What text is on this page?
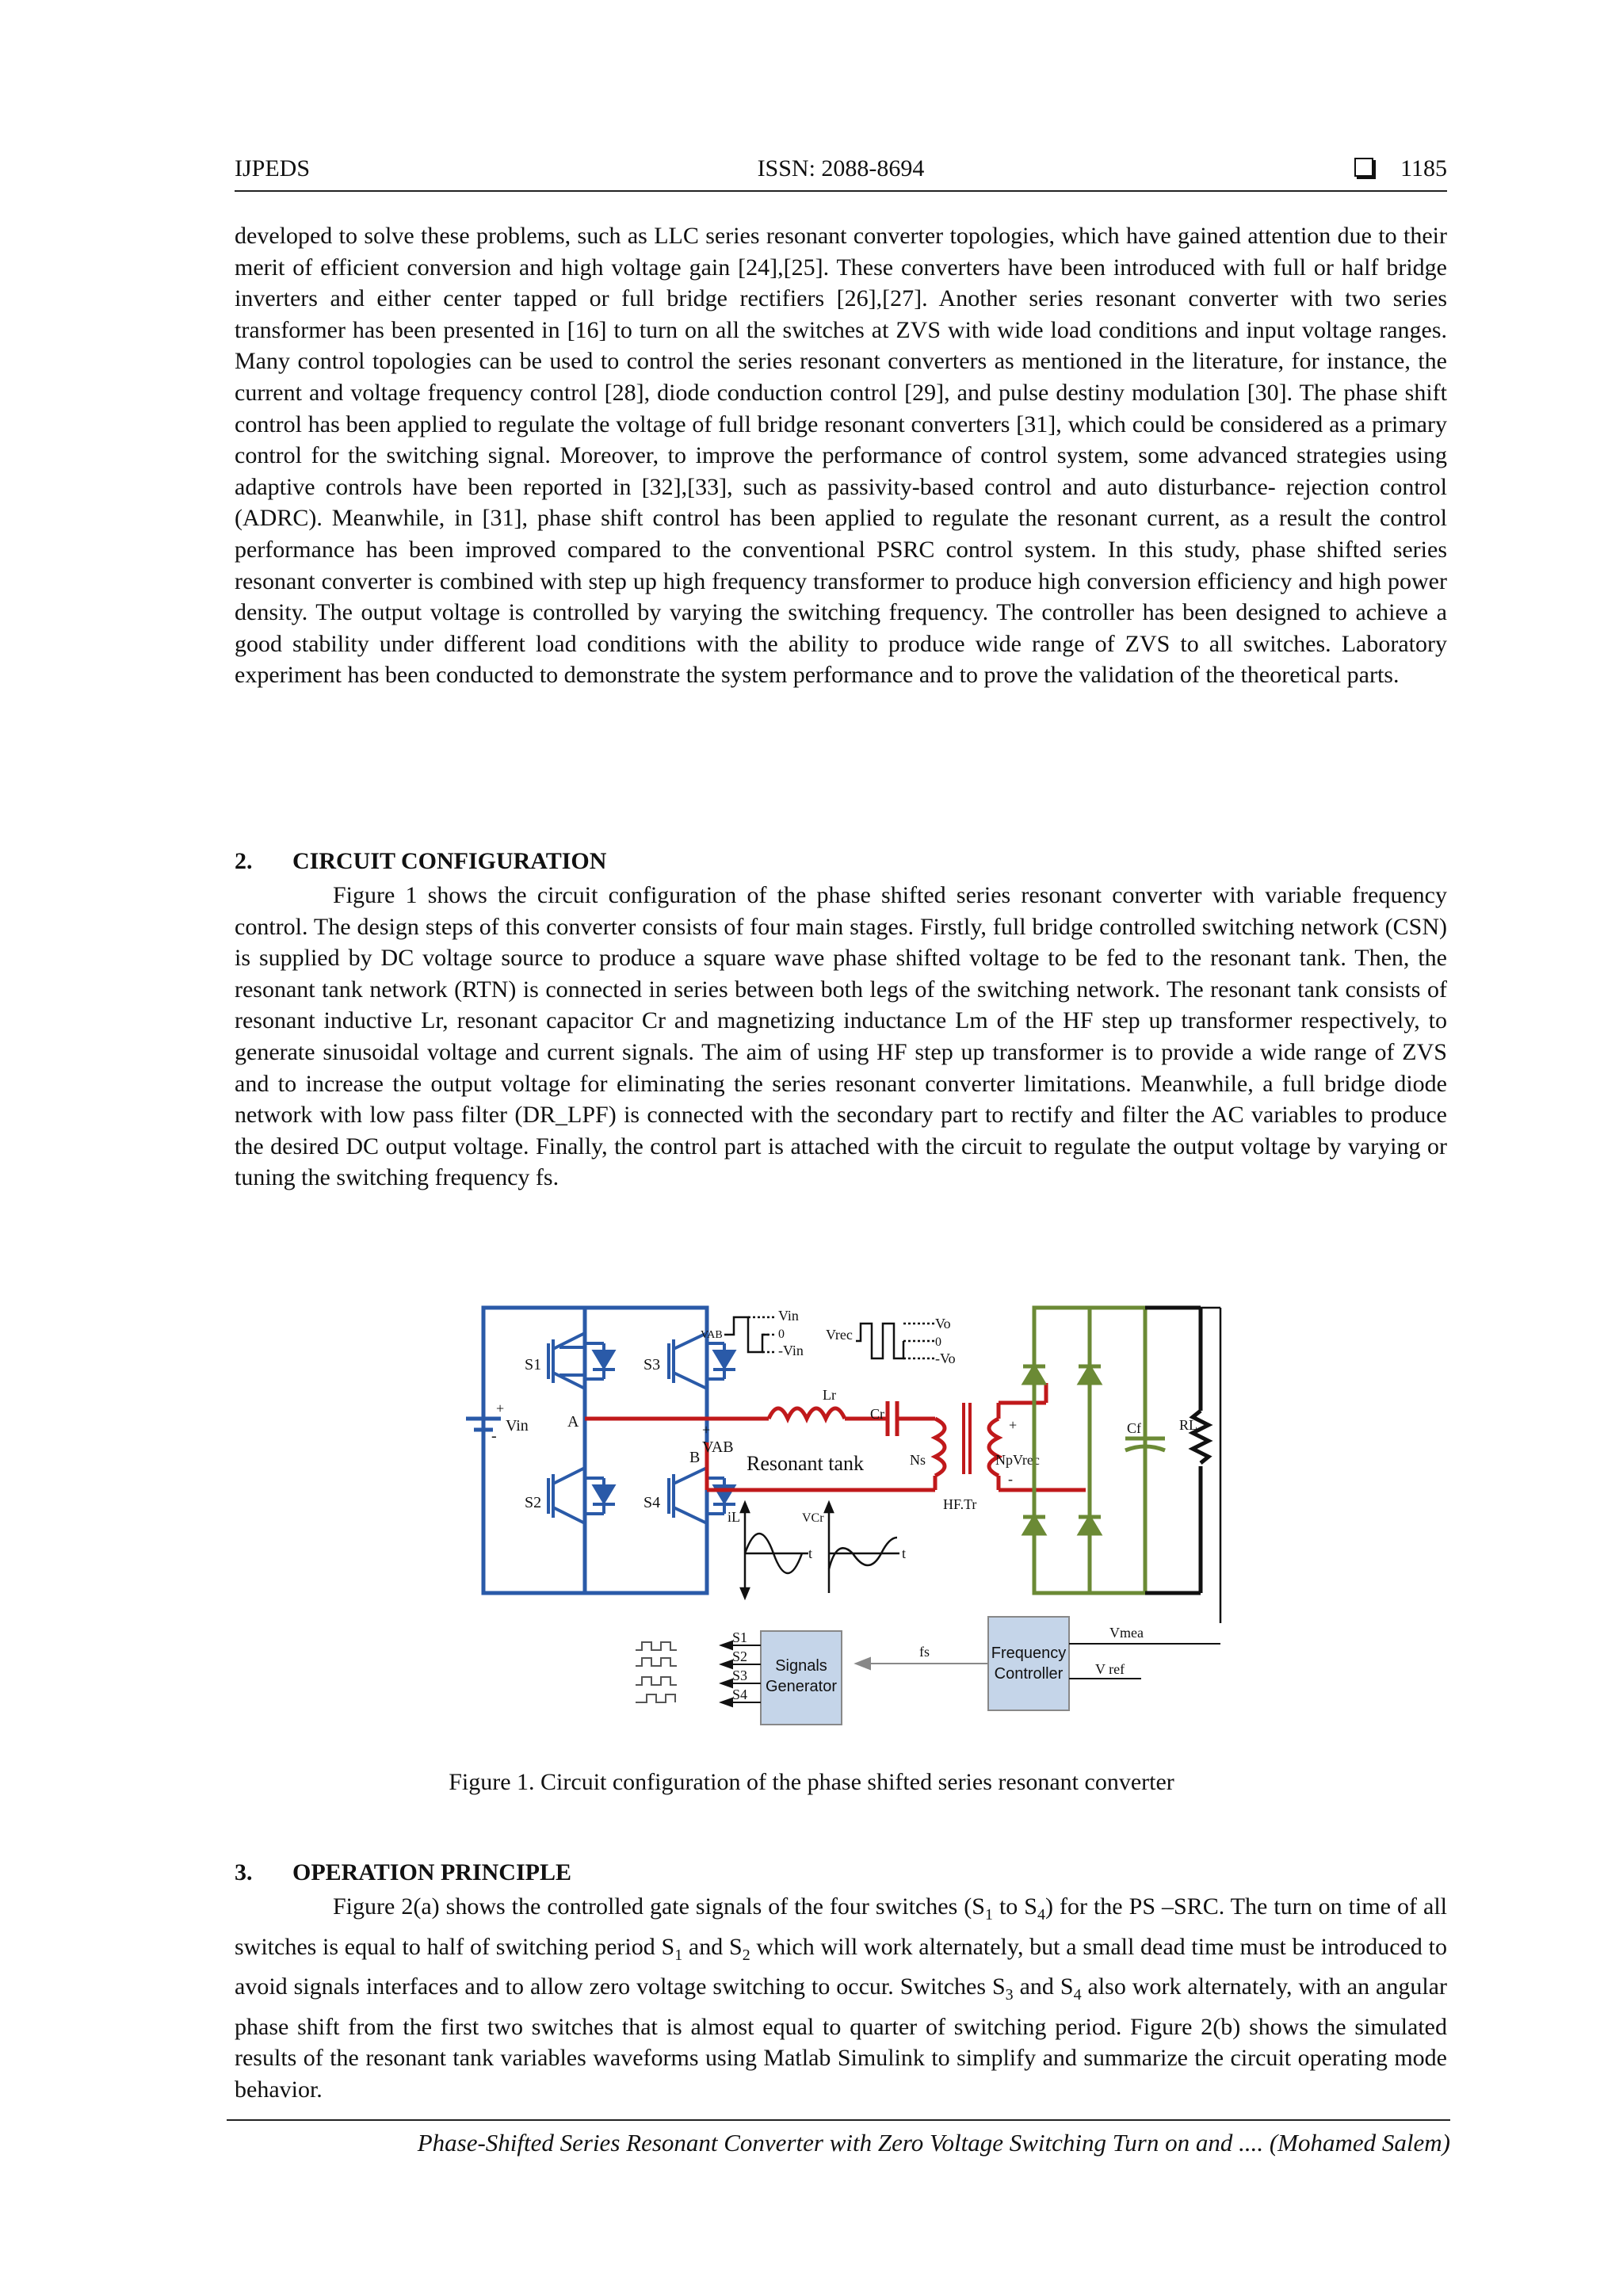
IJPEDS	ISSN: 2088-8694	1185

developed to solve these problems, such as LLC series resonant converter topologies, which have gained attention due to their merit of efficient conversion and high voltage gain [24],[25]. These converters have been introduced with full or half bridge inverters and either center tapped or full bridge rectifiers [26],[27]. Another series resonant converter with two series transformer has been presented in [16] to turn on all the switches at ZVS with wide load conditions and input voltage ranges. Many control topologies can be used to control the series resonant converters as mentioned in the literature, for instance, the current and voltage frequency control [28], diode conduction control [29], and pulse destiny modulation [30]. The phase shift control has been applied to regulate the voltage of full bridge resonant converters [31], which could be considered as a primary control for the switching signal. Moreover, to improve the performance of control system, some advanced strategies using adaptive controls have been reported in [32],[33], such as passivity-based control and auto disturbance- rejection control (ADRC). Meanwhile, in [31], phase shift control has been applied to regulate the resonant current, as a result the control performance has been improved compared to the conventional PSRC control system. In this study, phase shifted series resonant converter is combined with step up high frequency transformer to produce high conversion efficiency and high power density. The output voltage is controlled by varying the switching frequency. The controller has been designed to achieve a good stability under different load conditions with the ability to produce wide range of ZVS to all switches. Laboratory experiment has been conducted to demonstrate the system performance and to prove the validation of the theoretical parts.

2. CIRCUIT CONFIGURATION

Figure 1 shows the circuit configuration of the phase shifted series resonant converter with variable frequency control. The design steps of this converter consists of four main stages. Firstly, full bridge controlled switching network (CSN) is supplied by DC voltage source to produce a square wave phase shifted voltage to be fed to the resonant tank. Then, the resonant tank network (RTN) is connected in series between both legs of the switching network. The resonant tank consists of resonant inductive Lr, resonant capacitor Cr and magnetizing inductance Lm of the HF step up transformer respectively, to generate sinusoidal voltage and current signals. The aim of using HF step up transformer is to provide a wide range of ZVS and to increase the output voltage for eliminating the series resonant converter limitations. Meanwhile, a full bridge diode network with low pass filter (DR_LPF) is connected with the secondary part to rectify and filter the AC variables to produce the desired DC output voltage. Finally, the control part is attached with the circuit to regulate the output voltage by varying or tuning the switching frequency fs.

+
-
Vin
S1	S3
S2	S4
A
B
Lr
Cr
Resonant tank
+
VAB
Ns
+
NpVrec
-
HF.Tr
VAB
Vin
0
-Vin
Vrec
Vo
0
-Vo
Cf	RL
iL
t
VCr
t
S1
S2
S3
S4
Signals
Generator
Frequency
Controller
fs
Vmea
V ref
Figure 1. Circuit configuration of the phase shifted series resonant converter

3. OPERATION PRINCIPLE

Figure 2(a) shows the controlled gate signals of the four switches ($S_1$ to $S_4$) for the PS –SRC. The turn on time of all switches is equal to half of switching period $S_1$ and $S_2$ which will work alternately, but a small dead time must be introduced to avoid signals interfaces and to allow zero voltage switching to occur. Switches $S_3$ and $S_4$ also work alternately, with an angular phase shift from the first two switches that is almost equal to quarter of switching period. Figure 2(b) shows the simulated results of the resonant tank variables waveforms using Matlab Simulink to simplify and summarize the circuit operating mode behavior.

Phase-Shifted Series Resonant Converter with Zero Voltage Switching Turn on and .... (Mohamed Salem)
